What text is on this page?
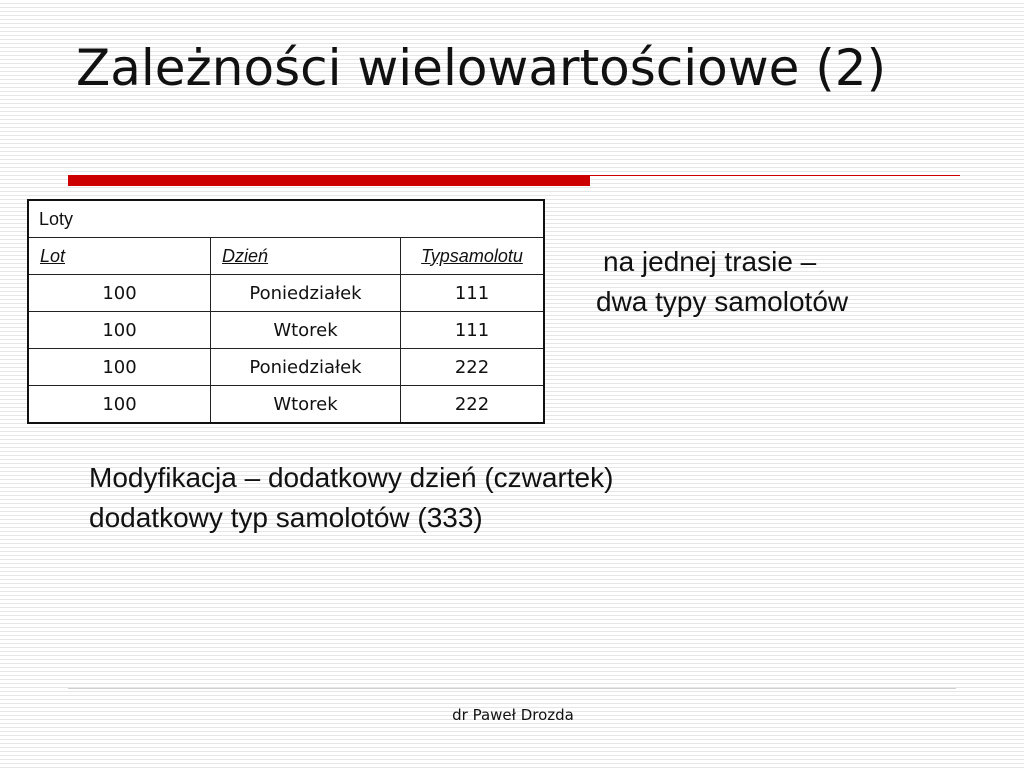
Zależności wielowartościowe (2)
Loty		
Lot	Dzień	Typsamolotu
100	Poniedziałek	111
100	Wtorek	111
100	Poniedziałek	222
100	Wtorek	222
na jednej trasie –
dwa typy samolotów
Modyfikacja – dodatkowy dzień (czwartek)
dodatkowy typ samolotów (333)
dr Paweł Drozda
